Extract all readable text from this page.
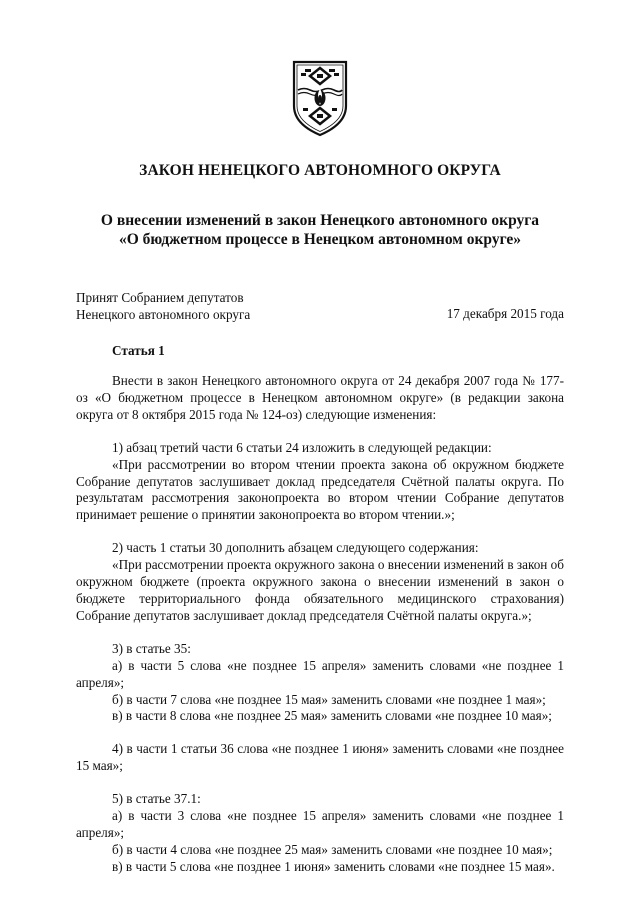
ЗАКОН НЕНЕЦКОГО АВТОНОМНОГО ОКРУГА
О внесении изменений в закон Ненецкого автономного округа
«О бюджетном процессе в Ненецком автономном округе»
Принят Собранием депутатов
Ненецкого автономного округа	17 декабря 2015 года
Статья 1

Внести в закон Ненецкого автономного округа от 24 декабря 2007 года № 177-оз «О бюджетном процессе в Ненецком автономном округе» (в редакции закона округа от 8 октября 2015 года № 124-оз) следующие изменения:

1) абзац третий части 6 статьи 24 изложить в следующей редакции:

«При рассмотрении во втором чтении проекта закона об окружном бюджете Собрание депутатов заслушивает доклад председателя Счётной палаты округа. По результатам рассмотрения законопроекта во втором чтении Собрание депутатов принимает решение о принятии законопроекта во втором чтении.»;

2) часть 1 статьи 30 дополнить абзацем следующего содержания:

«При рассмотрении проекта окружного закона о внесении изменений в закон об окружном бюджете (проекта окружного закона о внесении изменений в закон о бюджете территориального фонда обязательного медицинского страхования) Собрание депутатов заслушивает доклад председателя Счётной палаты округа.»;

3) в статье 35:

а) в части 5 слова «не позднее 15 апреля» заменить словами «не позднее 1 апреля»;

б) в части 7 слова «не позднее 15 мая» заменить словами «не позднее 1 мая»;

в) в части 8 слова «не позднее 25 мая» заменить словами «не позднее 10 мая»;

4) в части 1 статьи 36 слова «не позднее 1 июня» заменить словами «не позднее 15 мая»;

5) в статье 37.1:

а) в части 3 слова «не позднее 15 апреля» заменить словами «не позднее 1 апреля»;

б) в части 4 слова «не позднее 25 мая» заменить словами «не позднее 10 мая»;

в) в части 5 слова «не позднее 1 июня» заменить словами «не позднее 15 мая».
